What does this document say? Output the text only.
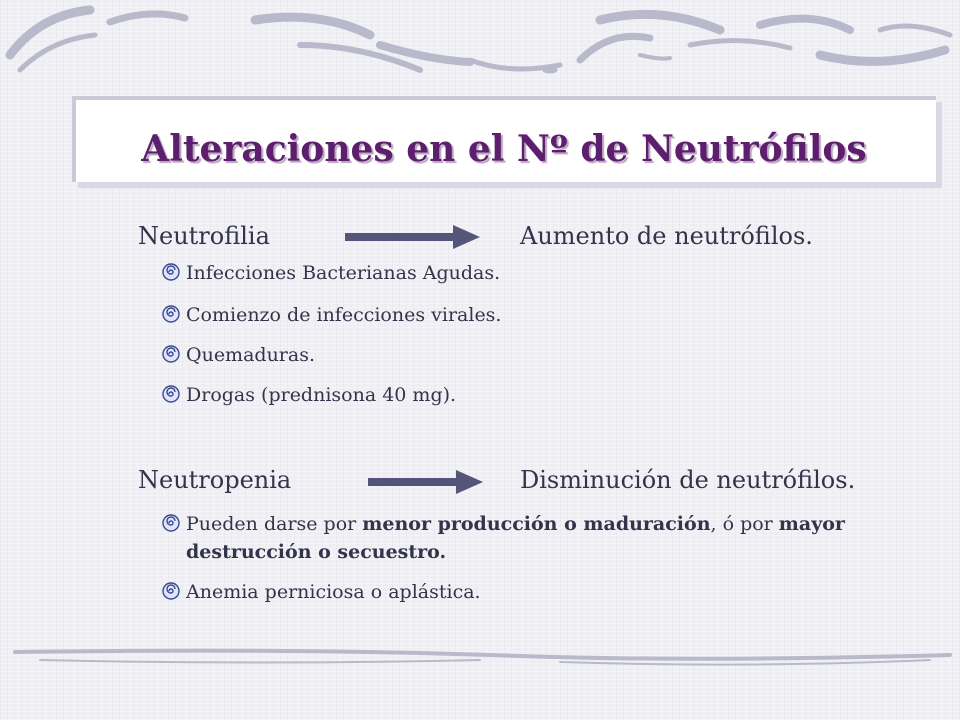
Alteraciones en el Nº de Neutrófilos
Neutrofilia	Aumento de neutrófilos.
Infecciones Bacterianas Agudas.
Comienzo de infecciones virales.
Quemaduras.
Drogas (prednisona 40 mg).
Neutropenia	Disminución de neutrófilos.
Pueden darse por menor producción o maduración, ó por mayor destrucción o secuestro.
Anemia perniciosa o aplástica.
